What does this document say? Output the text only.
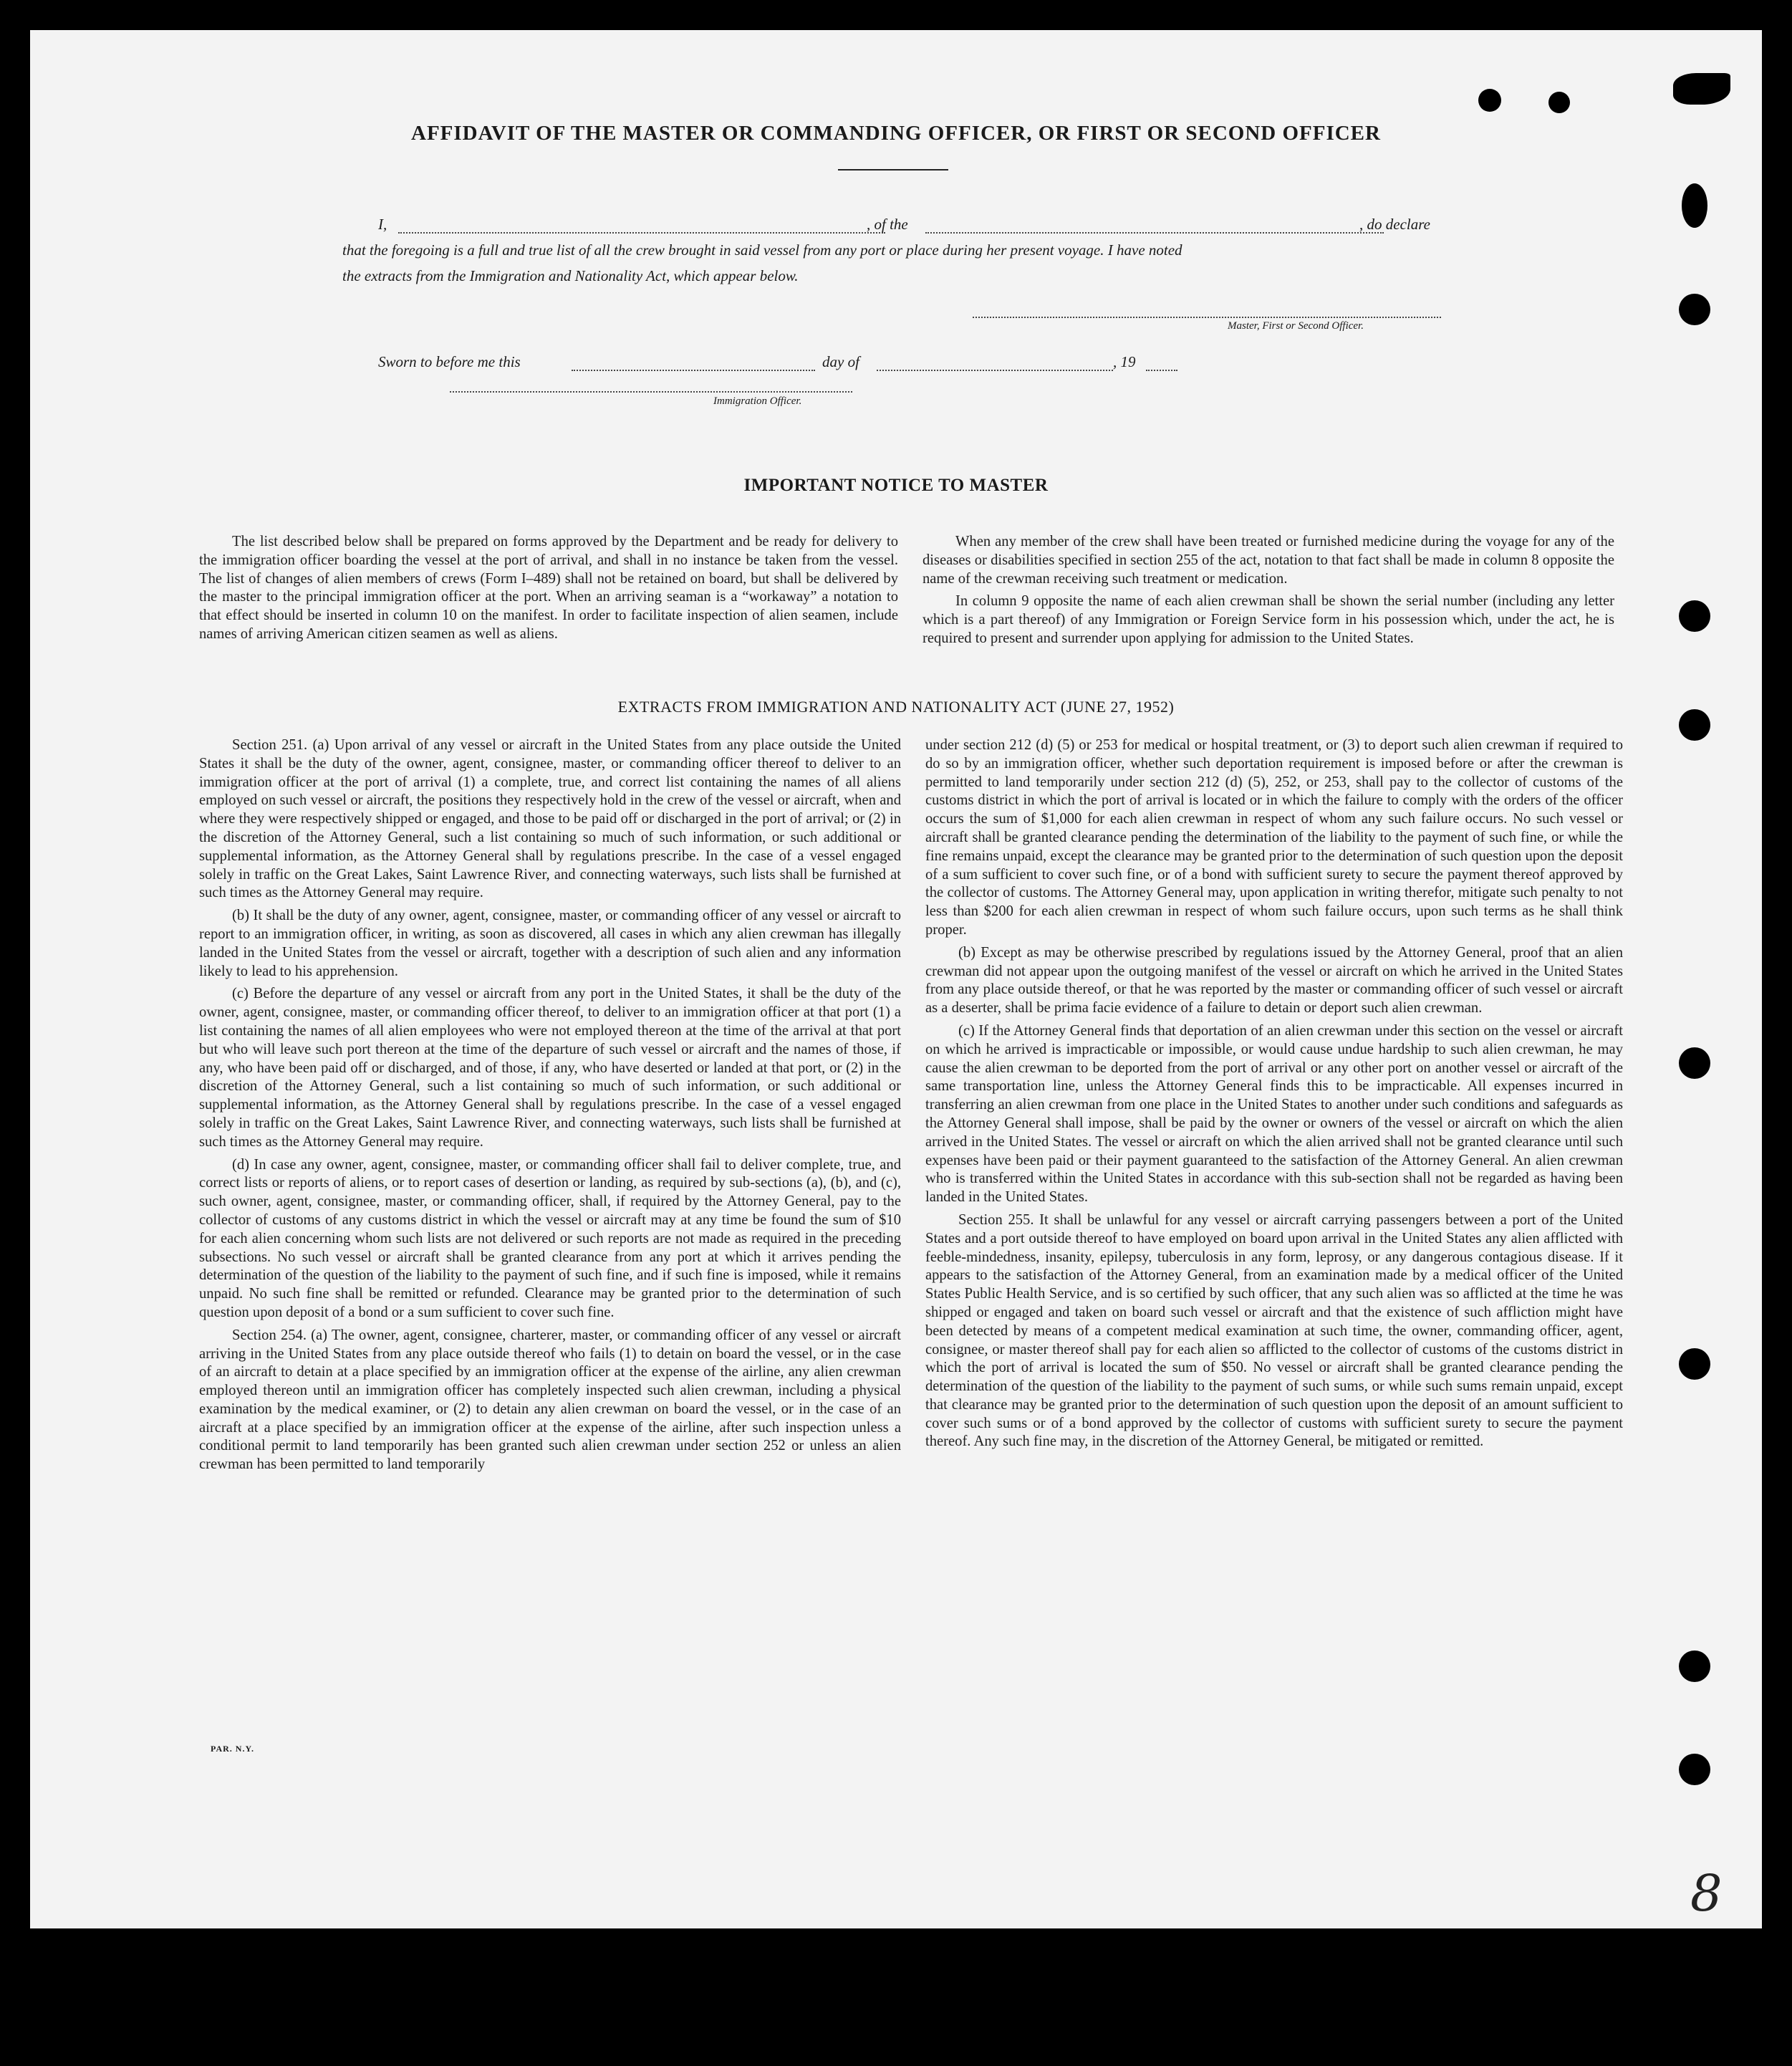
AFFIDAVIT OF THE MASTER OR COMMANDING OFFICER, OR FIRST OR SECOND OFFICER
I,	, of the	, do declare
that the foregoing is a full and true list of all the crew brought in said vessel from any port or place during her present voyage. I have noted
the extracts from the Immigration and Nationality Act, which appear below.
Master, First or Second Officer.
Sworn to before me this	day of	, 19
Immigration Officer.
IMPORTANT NOTICE TO MASTER

The list described below shall be prepared on forms approved by the Department and be ready for delivery to the immigration officer boarding the vessel at the port of arrival, and shall in no instance be taken from the vessel. The list of changes of alien members of crews (Form I–489) shall not be retained on board, but shall be delivered by the master to the principal immigration officer at the port. When an arriving seaman is a “workaway” a notation to that effect should be inserted in column 10 on the manifest. In order to facilitate inspection of alien seamen, include names of arriving American citizen seamen as well as aliens.

When any member of the crew shall have been treated or furnished medicine during the voyage for any of the diseases or disabilities specified in section 255 of the act, notation to that fact shall be made in column 8 opposite the name of the crewman receiving such treatment or medication.

In column 9 opposite the name of each alien crewman shall be shown the serial number (including any letter which is a part thereof) of any Immigration or Foreign Service form in his possession which, under the act, he is required to present and surrender upon applying for admission to the United States.

EXTRACTS FROM IMMIGRATION AND NATIONALITY ACT (JUNE 27, 1952)

Section 251. (a) Upon arrival of any vessel or aircraft in the United States from any place outside the United States it shall be the duty of the owner, agent, consignee, master, or commanding officer thereof to deliver to an immigration officer at the port of arrival (1) a complete, true, and correct list containing the names of all aliens employed on such vessel or aircraft, the positions they respectively hold in the crew of the vessel or aircraft, when and where they were respectively shipped or engaged, and those to be paid off or discharged in the port of arrival; or (2) in the discretion of the Attorney General, such a list containing so much of such information, or such additional or supplemental information, as the Attorney General shall by regulations prescribe. In the case of a vessel engaged solely in traffic on the Great Lakes, Saint Lawrence River, and connecting waterways, such lists shall be furnished at such times as the Attorney General may require.

(b) It shall be the duty of any owner, agent, consignee, master, or commanding officer of any vessel or aircraft to report to an immigration officer, in writing, as soon as discovered, all cases in which any alien crewman has illegally landed in the United States from the vessel or aircraft, together with a description of such alien and any information likely to lead to his apprehension.

(c) Before the departure of any vessel or aircraft from any port in the United States, it shall be the duty of the owner, agent, consignee, master, or commanding officer thereof, to deliver to an immigration officer at that port (1) a list containing the names of all alien employees who were not employed thereon at the time of the arrival at that port but who will leave such port thereon at the time of the departure of such vessel or aircraft and the names of those, if any, who have been paid off or discharged, and of those, if any, who have deserted or landed at that port, or (2) in the discretion of the Attorney General, such a list containing so much of such information, or such additional or supplemental information, as the Attorney General shall by regulations prescribe. In the case of a vessel engaged solely in traffic on the Great Lakes, Saint Lawrence River, and connecting waterways, such lists shall be furnished at such times as the Attorney General may require.

(d) In case any owner, agent, consignee, master, or commanding officer shall fail to deliver complete, true, and correct lists or reports of aliens, or to report cases of desertion or landing, as required by sub-sections (a), (b), and (c), such owner, agent, consignee, master, or commanding officer, shall, if required by the Attorney General, pay to the collector of customs of any customs district in which the vessel or aircraft may at any time be found the sum of $10 for each alien concerning whom such lists are not delivered or such reports are not made as required in the preceding subsections. No such vessel or aircraft shall be granted clearance from any port at which it arrives pending the determination of the question of the liability to the payment of such fine, and if such fine is imposed, while it remains unpaid. No such fine shall be remitted or refunded. Clearance may be granted prior to the determination of such question upon deposit of a bond or a sum sufficient to cover such fine.

Section 254. (a) The owner, agent, consignee, charterer, master, or commanding officer of any vessel or aircraft arriving in the United States from any place outside thereof who fails (1) to detain on board the vessel, or in the case of an aircraft to detain at a place specified by an immigration officer at the expense of the airline, any alien crewman employed thereon until an immigration officer has completely inspected such alien crewman, including a physical examination by the medical examiner, or (2) to detain any alien crewman on board the vessel, or in the case of an aircraft at a place specified by an immigration officer at the expense of the airline, after such inspection unless a conditional permit to land temporarily has been granted such alien crewman under section 252 or unless an alien crewman has been permitted to land temporarily

under section 212 (d) (5) or 253 for medical or hospital treatment, or (3) to deport such alien crewman if required to do so by an immigration officer, whether such deportation requirement is imposed before or after the crewman is permitted to land temporarily under section 212 (d) (5), 252, or 253, shall pay to the collector of customs of the customs district in which the port of arrival is located or in which the failure to comply with the orders of the officer occurs the sum of $1,000 for each alien crewman in respect of whom any such failure occurs. No such vessel or aircraft shall be granted clearance pending the determination of the liability to the payment of such fine, or while the fine remains unpaid, except the clearance may be granted prior to the determination of such question upon the deposit of a sum sufficient to cover such fine, or of a bond with sufficient surety to secure the payment thereof approved by the collector of customs. The Attorney General may, upon application in writing therefor, mitigate such penalty to not less than $200 for each alien crewman in respect of whom such failure occurs, upon such terms as he shall think proper.

(b) Except as may be otherwise prescribed by regulations issued by the Attorney General, proof that an alien crewman did not appear upon the outgoing manifest of the vessel or aircraft on which he arrived in the United States from any place outside thereof, or that he was reported by the master or commanding officer of such vessel or aircraft as a deserter, shall be prima facie evidence of a failure to detain or deport such alien crewman.

(c) If the Attorney General finds that deportation of an alien crewman under this section on the vessel or aircraft on which he arrived is impracticable or impossible, or would cause undue hardship to such alien crewman, he may cause the alien crewman to be deported from the port of arrival or any other port on another vessel or aircraft of the same transportation line, unless the Attorney General finds this to be impracticable. All expenses incurred in transferring an alien crewman from one place in the United States to another under such conditions and safeguards as the Attorney General shall impose, shall be paid by the owner or owners of the vessel or aircraft on which the alien arrived in the United States. The vessel or aircraft on which the alien arrived shall not be granted clearance until such expenses have been paid or their payment guaranteed to the satisfaction of the Attorney General. An alien crewman who is transferred within the United States in accordance with this sub-section shall not be regarded as having been landed in the United States.

Section 255. It shall be unlawful for any vessel or aircraft carrying passengers between a port of the United States and a port outside thereof to have employed on board upon arrival in the United States any alien afflicted with feeble-mindedness, insanity, epilepsy, tuberculosis in any form, leprosy, or any dangerous contagious disease. If it appears to the satisfaction of the Attorney General, from an examination made by a medical officer of the United States Public Health Service, and is so certified by such officer, that any such alien was so afflicted at the time he was shipped or engaged and taken on board such vessel or aircraft and that the existence of such affliction might have been detected by means of a competent medical examination at such time, the owner, commanding officer, agent, consignee, or master thereof shall pay for each alien so afflicted to the collector of customs of the customs district in which the port of arrival is located the sum of $50. No vessel or aircraft shall be granted clearance pending the determination of the question of the liability to the payment of such sums, or while such sums remain unpaid, except that clearance may be granted prior to the determination of such question upon the deposit of an amount sufficient to cover such sums or of a bond approved by the collector of customs with sufficient surety to secure the payment thereof. Any such fine may, in the discretion of the Attorney General, be mitigated or remitted.

PAR. N.Y.
8
